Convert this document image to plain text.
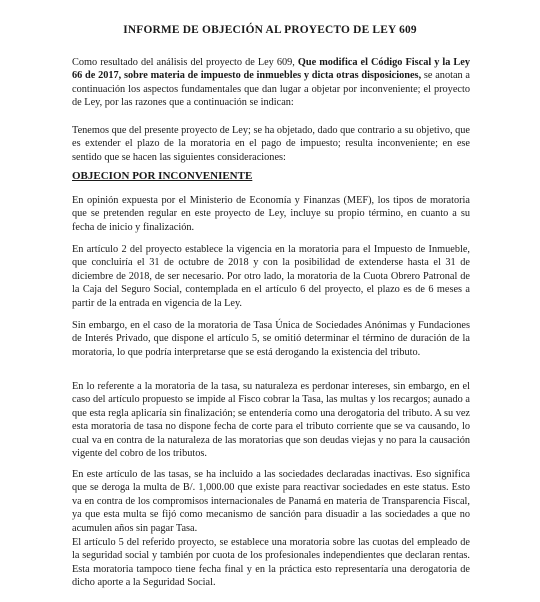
INFORME DE OBJECIÓN AL PROYECTO DE LEY 609

Como resultado del análisis del proyecto de Ley 609, Que modifica el Código Fiscal y la Ley 66 de 2017, sobre materia de impuesto de inmuebles y dicta otras disposiciones, se anotan a continuación los aspectos fundamentales que dan lugar a objetar por inconveniente; el proyecto de Ley, por las razones que a continuación se indican:

Tenemos que del presente proyecto de Ley; se ha objetado, dado que contrario a su objetivo, que es extender el plazo de la moratoria en el pago de impuesto; resulta inconveniente; en ese sentido que se hacen las siguientes consideraciones:

OBJECION POR INCONVENIENTE

En opinión expuesta por el Ministerio de Economía y Finanzas (MEF), los tipos de moratoria que se pretenden regular en este proyecto de Ley, incluye su propio término, en cuanto a su fecha de inicio y finalización.

En artículo 2 del proyecto establece la vigencia en la moratoria para el Impuesto de Inmueble, que concluiría el 31 de octubre de 2018 y con la posibilidad de extenderse hasta el 31 de diciembre de 2018, de ser necesario. Por otro lado, la moratoria de la Cuota Obrero Patronal de la Caja del Seguro Social, contemplada en el artículo 6 del proyecto, el plazo es de 6 meses a partir de la entrada en vigencia de la Ley.

Sin embargo, en el caso de la moratoria de Tasa Única de Sociedades Anónimas y Fundaciones de Interés Privado, que dispone el artículo 5, se omitió determinar el término de duración de la moratoria, lo que podría interpretarse que se está derogando la existencia del tributo.

En lo referente a la moratoria de la tasa, su naturaleza es perdonar intereses, sin embargo, en el caso del artículo propuesto se impide al Fisco cobrar la Tasa, las multas y los recargos; aunado a que esta regla aplicaría sin finalización; se entendería como una derogatoria del tributo. A su vez esta moratoria de tasa no dispone fecha de corte para el tributo corriente que se va causando, lo cual va en contra de la naturaleza de las moratorias que son deudas viejas y no para la causación vigente del cobro de los tributos.

En este artículo de las tasas, se ha incluido a las sociedades declaradas inactivas. Eso significa que se deroga la multa de B/. 1,000.00 que existe para reactivar sociedades en este status. Esto va en contra de los compromisos internacionales de Panamá en materia de Transparencia Fiscal, ya que esta multa se fijó como mecanismo de sanción para disuadir a las sociedades a que no acumulen años sin pagar Tasa.

El artículo 5 del referido proyecto, se establece una moratoria sobre las cuotas del empleado de la seguridad social y también por cuota de los profesionales independientes que declaran rentas. Esta moratoria tampoco tiene fecha final y en la práctica esto representaría una derogatoria de dicho aporte a la Seguridad Social.
